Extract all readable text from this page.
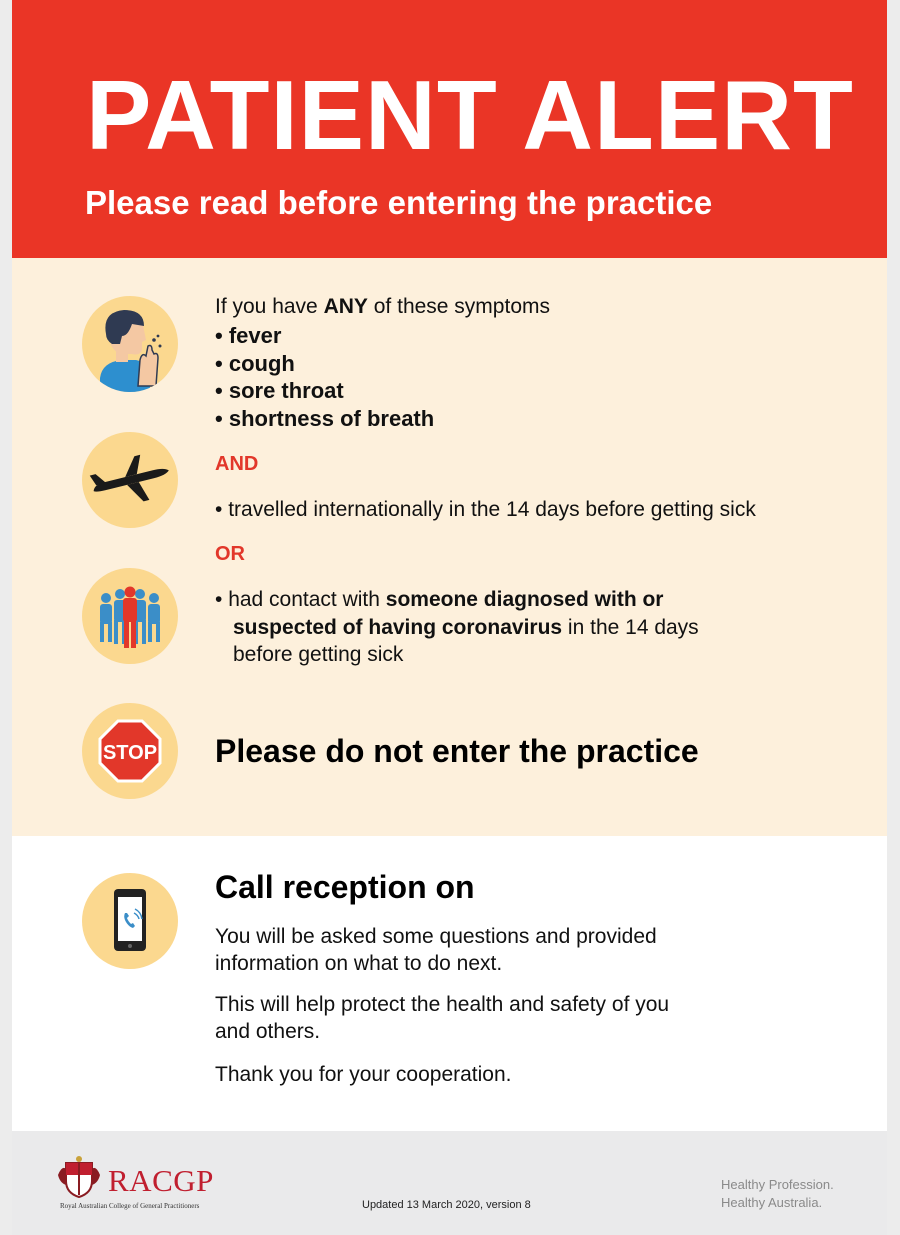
PATIENT ALERT
Please read before entering the practice
If you have ANY of these symptoms
• fever
• cough
• sore throat
• shortness of breath
AND
• travelled internationally in the 14 days before getting sick
OR
• had contact with someone diagnosed with or
suspected of having coronavirus in the 14 days
before getting sick
STOP Please do not enter the practice
Call reception on
You will be asked some questions and provided
information on what to do next.
This will help protect the health and safety of you
and others.
Thank you for your cooperation.
RACGP
Royal Australian College of General Practitioners	Updated 13 March 2020, version 8
Healthy Profession.
Healthy Australia.
